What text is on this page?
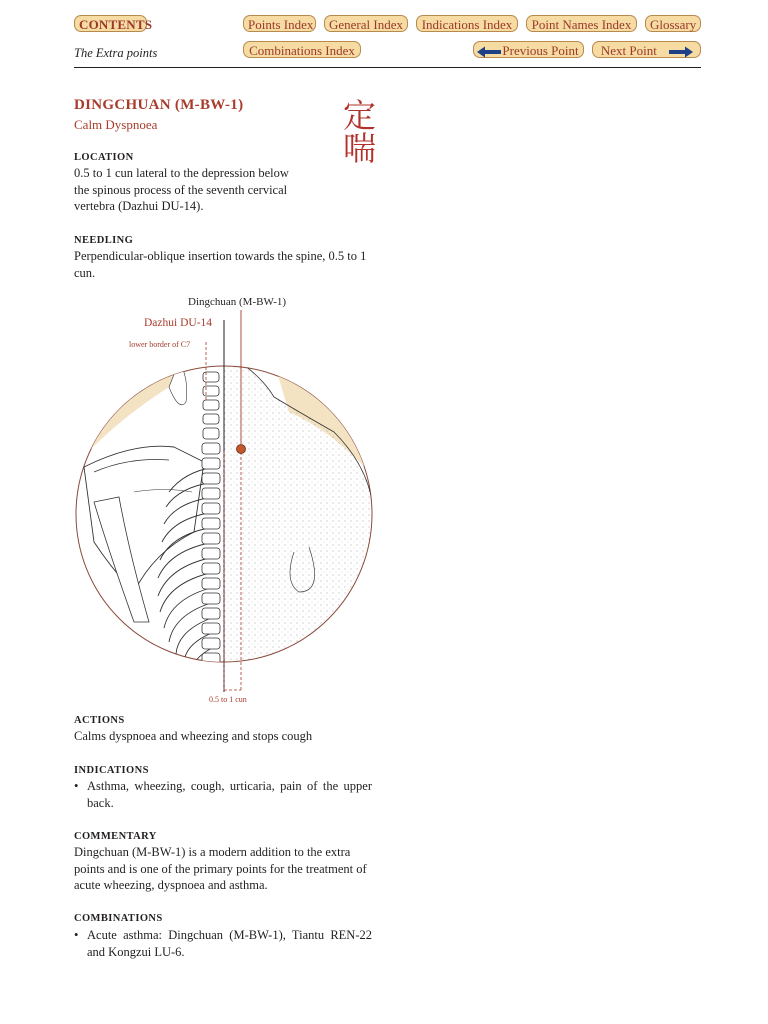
CONTENTS	Points Index	General Index	Indications Index	Point Names Index	Glossary
The Extra points	Combinations Index	Previous Point	Next Point
DINGCHUAN (M-BW-1)
Calm Dyspnoea	定喘
LOCATION
0.5 to 1 cun lateral to the depression below the spinous process of the seventh cervical vertebra (Dazhui DU-14).
NEEDLING
Perpendicular-oblique insertion towards the spine, 0.5 to 1 cun.
Dingchuan (M-BW-1)
Dazhui DU-14
lower border of C7
0.5 to 1 cun
ACTIONS
Calms dyspnoea and wheezing and stops cough
INDICATIONS
• Asthma, wheezing, cough, urticaria, pain of the upper back.
COMMENTARY
Dingchuan (M-BW-1) is a modern addition to the extra points and is one of the primary points for the treatment of acute wheezing, dyspnoea and asthma.
COMBINATIONS
• Acute asthma: Dingchuan (M-BW-1), Tiantu REN-22 and Kongzui LU-6.
